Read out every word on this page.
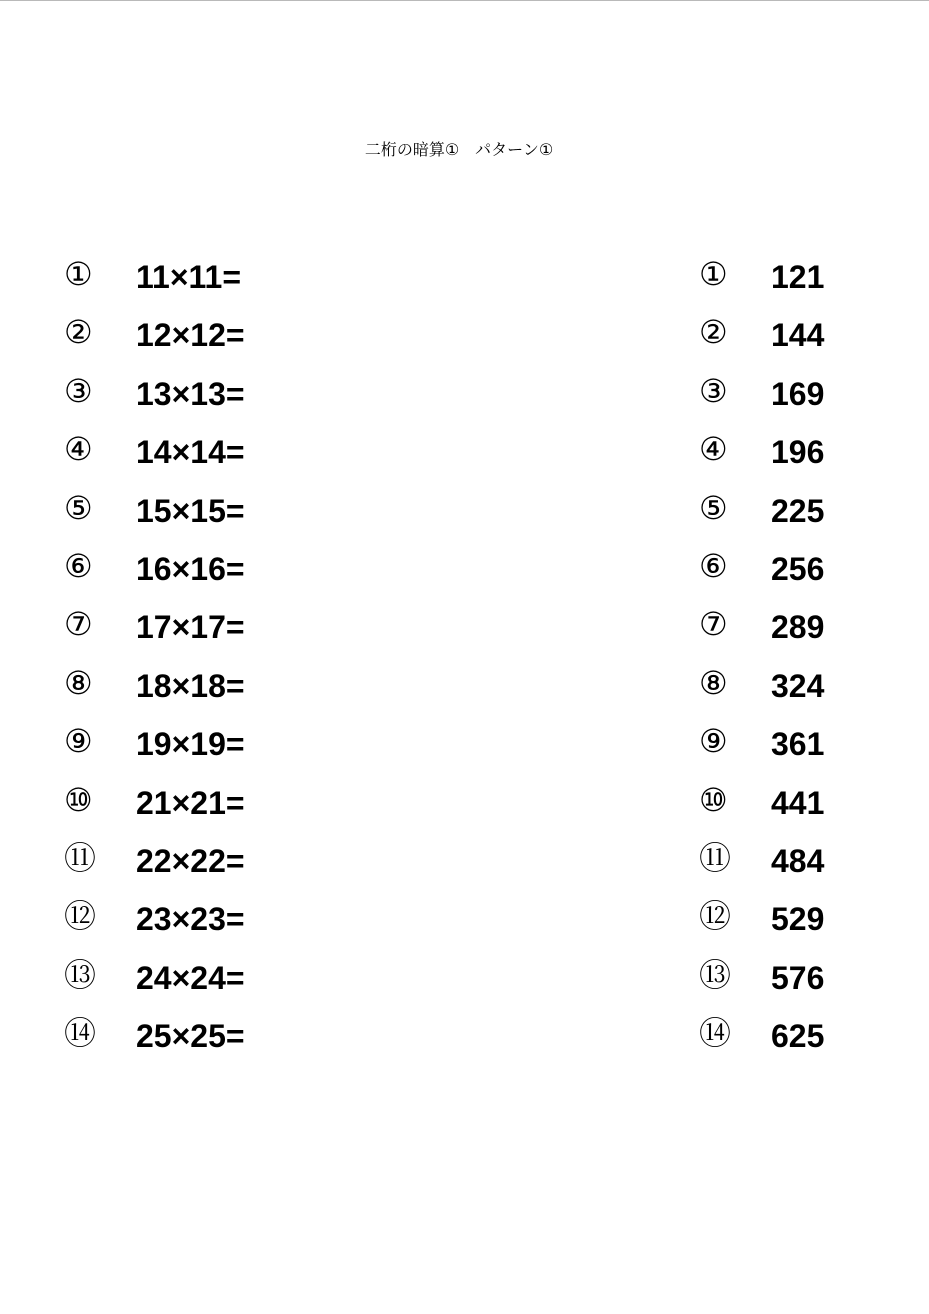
二桁の暗算①　パターン①
①	11×11=
②	12×12=
③	13×13=
④	14×14=
⑤	15×15=
⑥	16×16=
⑦	17×17=
⑧	18×18=
⑨	19×19=
⑩	21×21=
⑪	22×22=
⑫	23×23=
⑬	24×24=
⑭	25×25=
①	121
②	144
③	169
④	196
⑤	225
⑥	256
⑦	289
⑧	324
⑨	361
⑩	441
⑪	484
⑫	529
⑬	576
⑭	625
